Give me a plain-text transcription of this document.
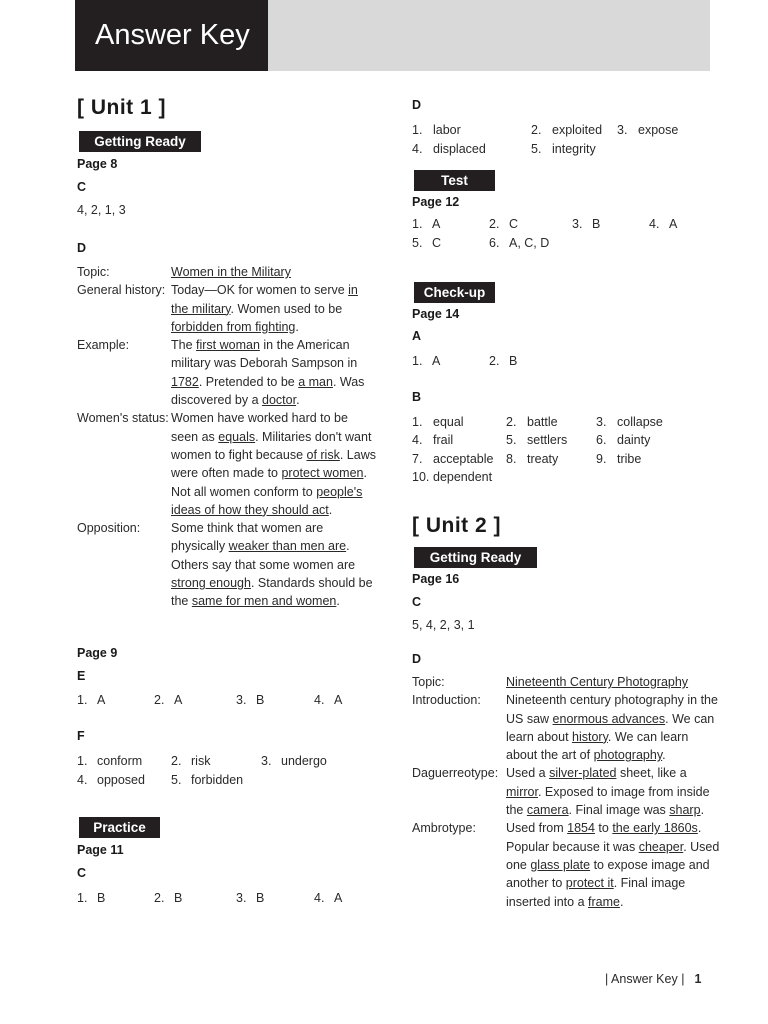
Answer Key
[ Unit 1 ]
Getting Ready
Page 8
C
4, 2, 1, 3
D
Topic:	Women in the Military
General history: Today—OK for women to serve in the military. Women used to be forbidden from fighting.
Example:	The first woman in the American military was Deborah Sampson in 1782. Pretended to be a man. Was discovered by a doctor.
Women's status: Women have worked hard to be seen as equals. Militaries don't want women to fight because of risk. Laws were often made to protect women. Not all women conform to people's ideas of how they should act.
Opposition:	Some think that women are physically weaker than men are. Others say that some women are strong enough. Standards should be the same for men and women.
Page 9
E
1. A	2. A	3. B	4. A
F
1. conform 2. risk	3. undergo
4. opposed 5. forbidden
Practice
Page 11
C
1. B	2. B	3. B	4. A
D
1. labor	2. exploited 3. expose
4. displaced	5. integrity
Test
Page 12
1. A	2. C	3. B	4. A
5. C	6. A, C, D
Check-up
Page 14
A
1. A	2. B
B
1. equal	2. battle	3. collapse
4. frail	5. settlers 6. dainty
7. acceptable 8. treaty	9. tribe
10. dependent
[ Unit 2 ]
Getting Ready
Page 16
C
5, 4, 2, 3, 1
D
Topic:	Nineteenth Century Photography
Introduction:	Nineteenth century photography in the US saw enormous advances. We can learn about history. We can learn about the art of photography.
Daguerreotype: Used a silver-plated sheet, like a mirror. Exposed to image from inside the camera. Final image was sharp.
Ambrotype:	Used from 1854 to the early 1860s. Popular because it was cheaper. Used one glass plate to expose image and another to protect it. Final image inserted into a frame.
| Answer Key | 1
